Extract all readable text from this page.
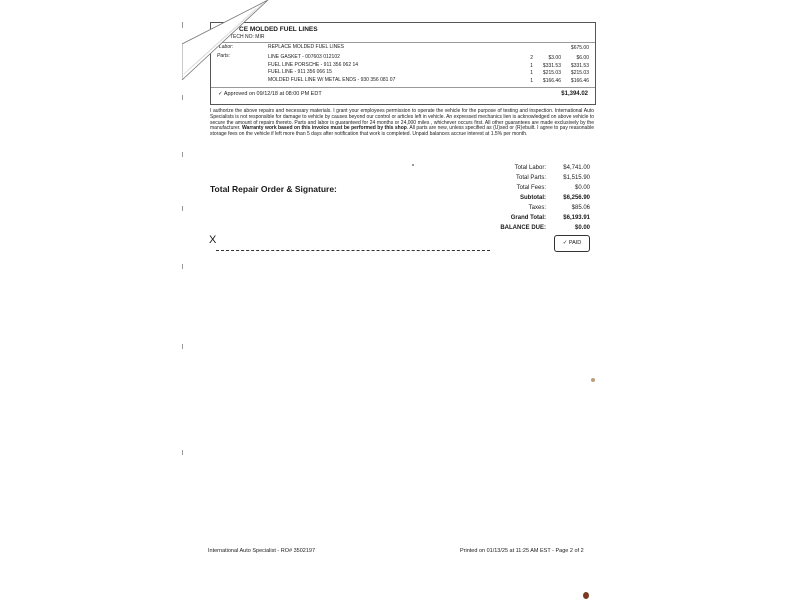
CE MOLDED FUEL LINES
TECH NO: MIR
Labor:	REPLACE MOLDED FUEL LINES	$675.00
Parts:	LINE GASKET - 007603 012102	2	$3.00	$6.00
FUEL LINE PORSCHE - 911 356 062 14	1	$331.53 $331.53
FUEL LINE - 911 356 066 15	1	$215.03 $215.03
MOLDED FUEL LINE W/ METAL ENDS - 930 356 081 07	1	$166.46 $166.46
✓ Approved on 09/12/18 at 08:00 PM EDT	$1,394.02
I authorize the above repairs and necessary materials. I grant your employees permission to operate the vehicle for the purpose of testing and inspection. International Auto Specialists is not responsible for damage to vehicle by causes beyond our control or articles left in vehicle. An expressed mechanics lien is acknowledged on above vehicle to secure the amount of repairs thereto. Parts and labor is guaranteed for 24 months or 24,000 miles , whichever occurs first. All other guarantees are made exclusively by the manufacturer. Warranty work based on this invoice must be performed by this shop. All parts are new, unless specified as (U)sed or (R)ebuilt. I agree to pay reasonable storage fees on the vehicle if left more than 5 days after notification that work is completed. Unpaid balances accrue interest at 1.5% per month.
Total Labor:	$4,741.00
Total Parts:	$1,515.90
Total Fees:	$0.00
Subtotal:	$6,256.90
Taxes:	$85.06
Grand Total:	$6,193.91
BALANCE DUE:	$0.00
Total Repair Order & Signature:
X	✓ PAID
International Auto Specialist - RO# 3502197	Printed on 01/13/25 at 11:25 AM EST - Page 2 of 2
